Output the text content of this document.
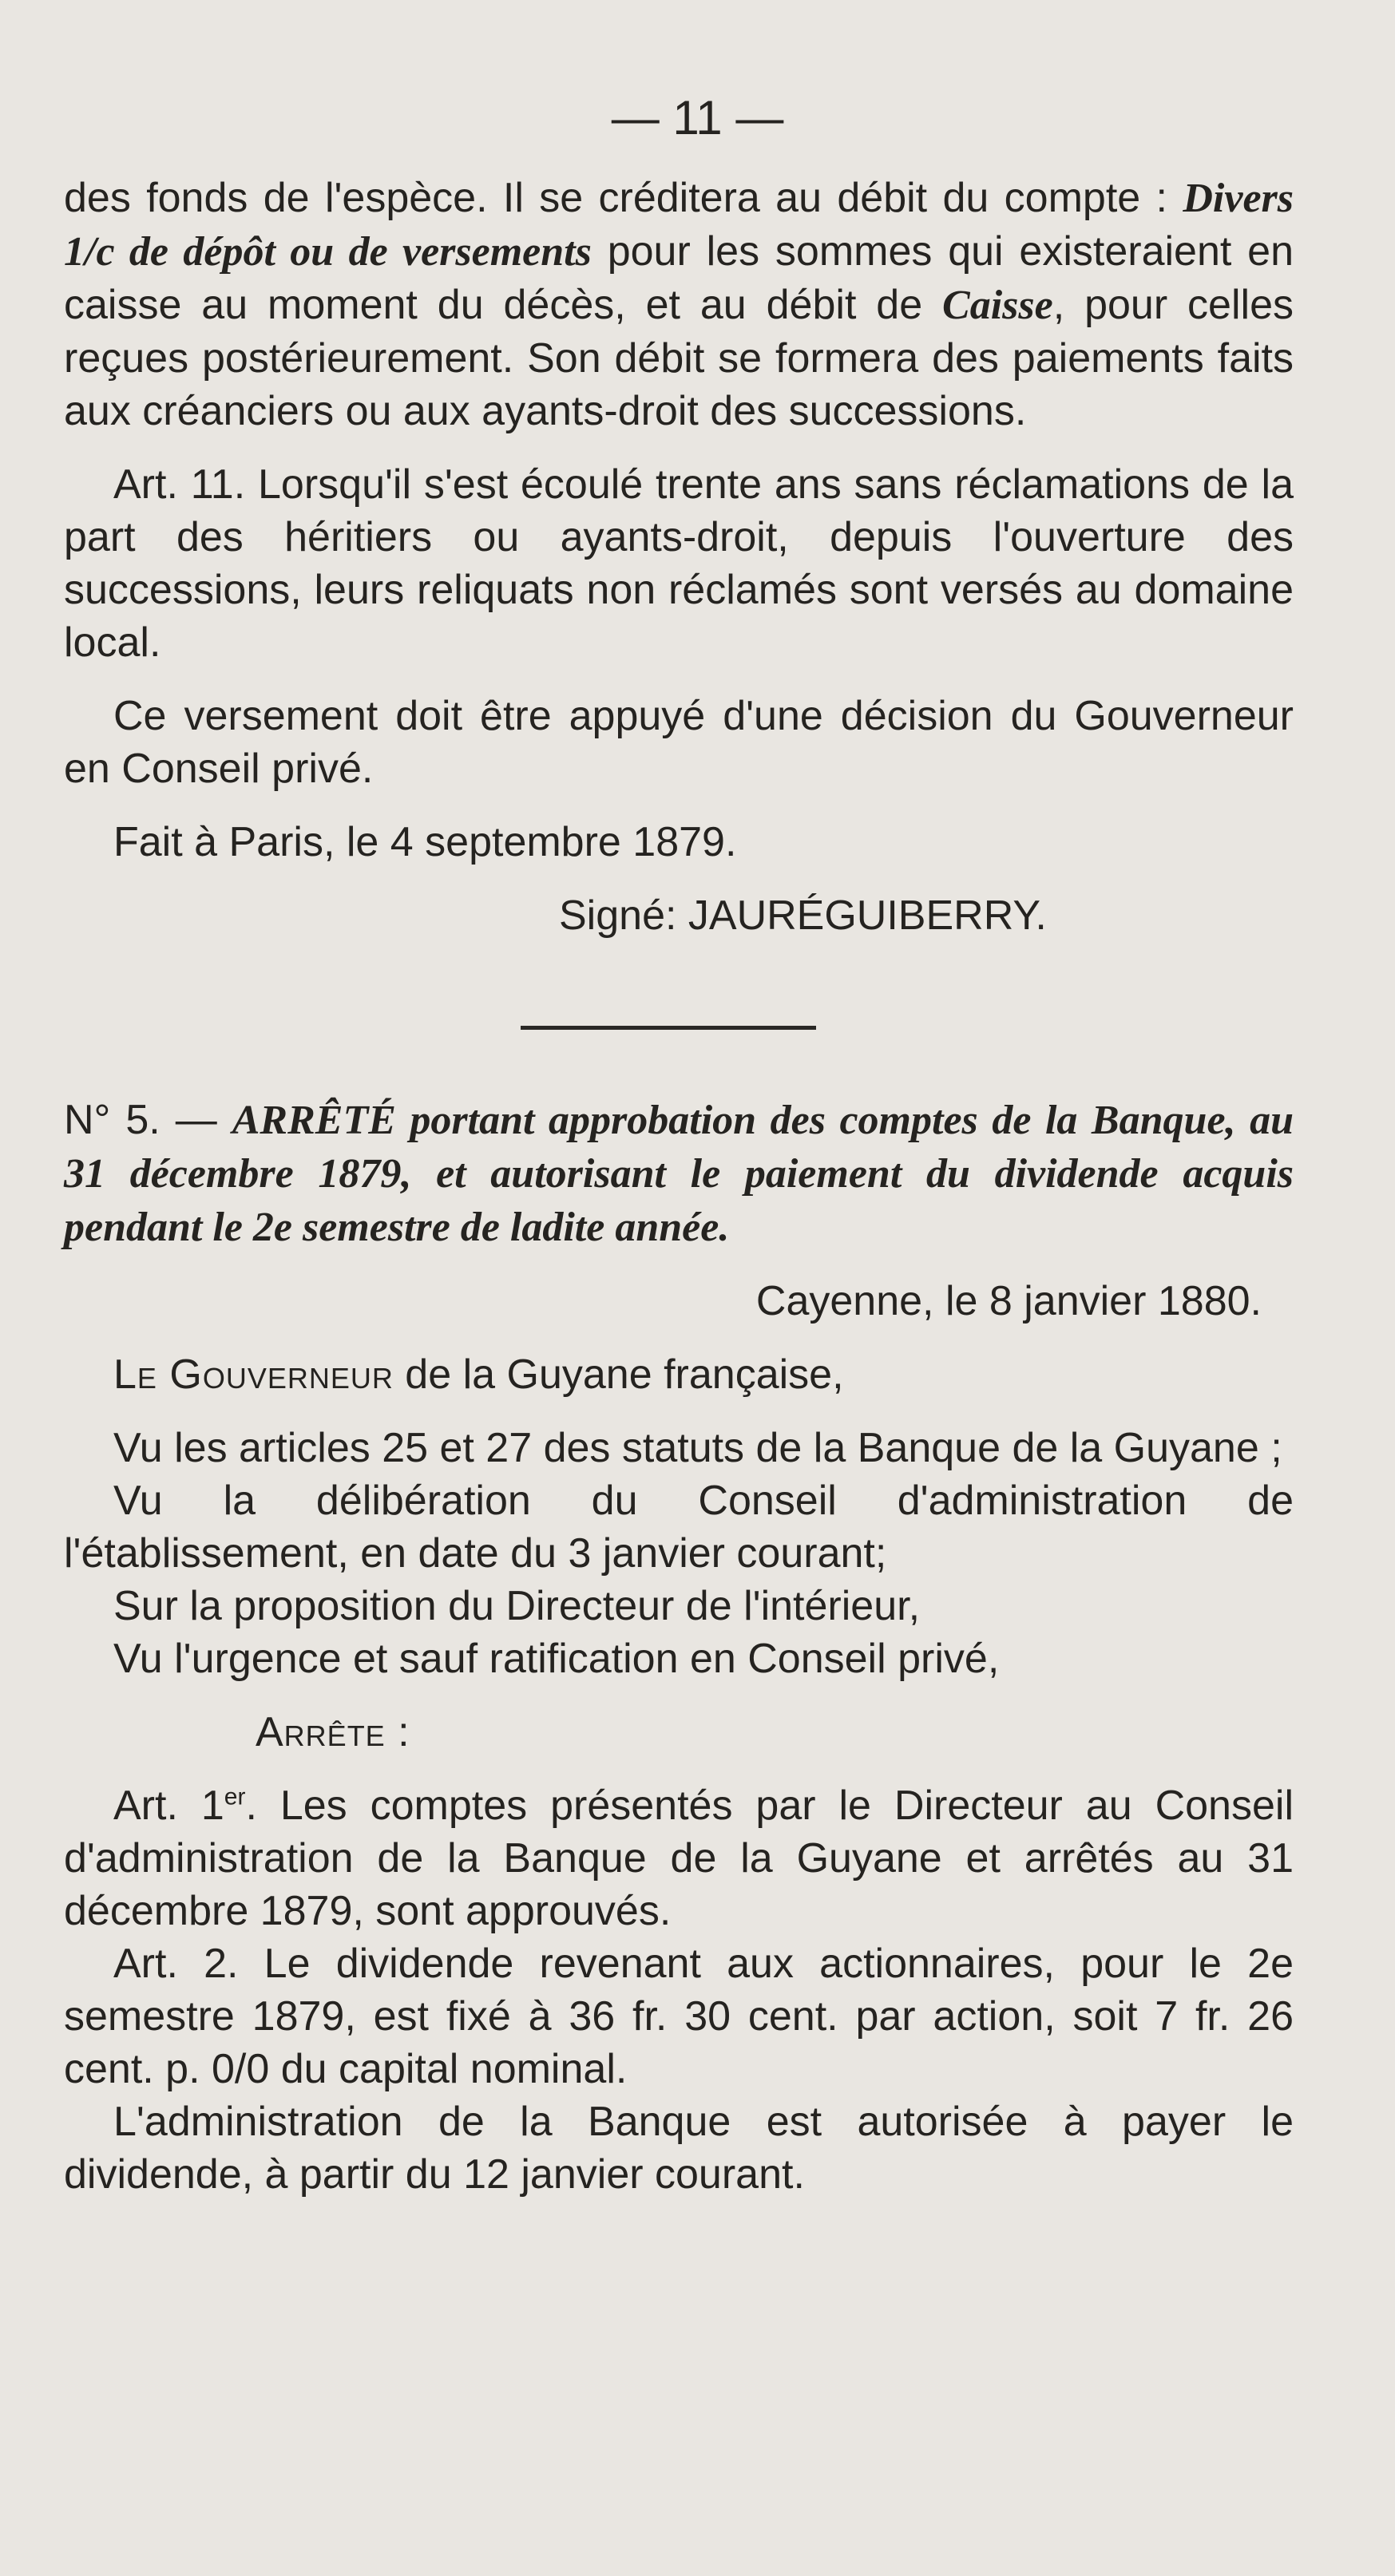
— 11 —

des fonds de l'espèce. Il se créditera au débit du compte : Divers 1/c de dépôt ou de versements pour les sommes qui existeraient en caisse au moment du décès, et au débit de Caisse, pour celles reçues postérieurement. Son débit se formera des paiements faits aux créanciers ou aux ayants-droit des successions.

Art. 11. Lorsqu'il s'est écoulé trente ans sans réclamations de la part des héritiers ou ayants-droit, depuis l'ouverture des successions, leurs reliquats non réclamés sont versés au domaine local.

Ce versement doit être appuyé d'une décision du Gouverneur en Conseil privé.

Fait à Paris, le 4 septembre 1879.

Signé: JAURÉGUIBERRY.

N° 5. — ARRÊTÉ portant approbation des comptes de la Banque, au 31 décembre 1879, et autorisant le paiement du dividende acquis pendant le 2e semestre de ladite année.

Cayenne, le 8 janvier 1880.

Le Gouverneur de la Guyane française,

Vu les articles 25 et 27 des statuts de la Banque de la Guyane ;

Vu la délibération du Conseil d'administration de l'établissement, en date du 3 janvier courant;

Sur la proposition du Directeur de l'intérieur,

Vu l'urgence et sauf ratification en Conseil privé,

Arrête :

Art. 1er. Les comptes présentés par le Directeur au Conseil d'administration de la Banque de la Guyane et arrêtés au 31 décembre 1879, sont approuvés.

Art. 2. Le dividende revenant aux actionnaires, pour le 2e semestre 1879, est fixé à 36 fr. 30 cent. par action, soit 7 fr. 26 cent. p. 0/0 du capital nominal.

L'administration de la Banque est autorisée à payer le dividende, à partir du 12 janvier courant.
